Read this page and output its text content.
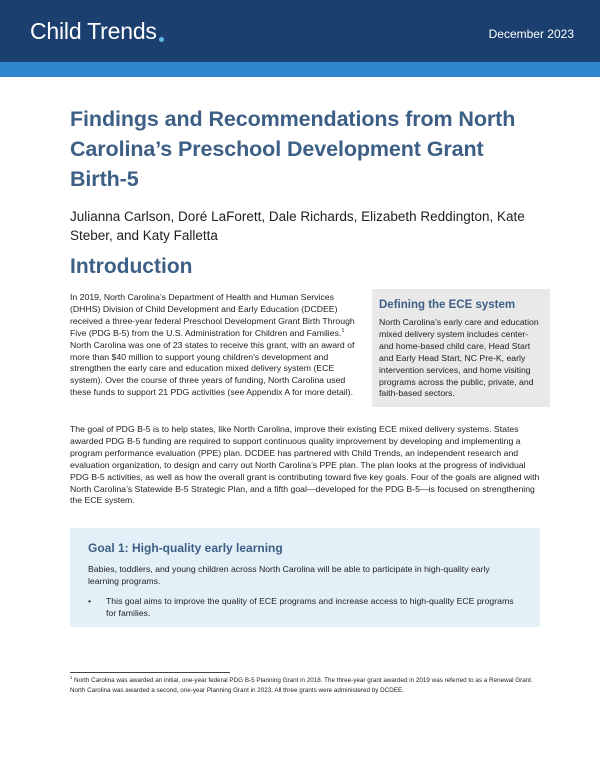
Child Trends	December 2023
Findings and Recommendations from North Carolina’s Preschool Development Grant Birth-5

Julianna Carlson, Doré LaForett, Dale Richards, Elizabeth Reddington, Kate Steber, and Katy Falletta

Introduction

In 2019, North Carolina’s Department of Health and Human Services (DHHS) Division of Child Development and Early Education (DCDEE) received a three-year federal Preschool Development Grant Birth Through Five (PDG B-5) from the U.S. Administration for Children and Families.$^1$ North Carolina was one of 23 states to receive this grant, with an award of more than $40 million to support young children’s development and strengthen the early care and education mixed delivery system (ECE system). Over the course of three years of funding, North Carolina used these funds to support 21 PDG activities (see Appendix A for more detail).

Defining the ECE system

North Carolina’s early care and education mixed delivery system includes center- and home-based child care, Head Start and Early Head Start, NC Pre-K, early intervention services, and home visiting programs across the public, private, and faith-based sectors.

The goal of PDG B-5 is to help states, like North Carolina, improve their existing ECE mixed delivery systems. States awarded PDG B-5 funding are required to support continuous quality improvement by developing and implementing a program performance evaluation (PPE) plan. DCDEE has partnered with Child Trends, an independent research and evaluation organization, to design and carry out North Carolina’s PPE plan. The plan looks at the progress of individual PDG B-5 activities, as well as how the overall grant is contributing toward five key goals. Four of the goals are aligned with North Carolina’s Statewide B-5 Strategic Plan, and a fifth goal—developed for the PDG B-5—is focused on strengthening the ECE system.

Goal 1: High-quality early learning

Babies, toddlers, and young children across North Carolina will be able to participate in high-quality early learning programs.

•	This goal aims to improve the quality of ECE programs and increase access to high-quality ECE programs for families.

$^1$ North Carolina was awarded an initial, one-year federal PDG B-5 Planning Grant in 2018. The three-year grant awarded in 2019 was referred to as a Renewal Grant. North Carolina was awarded a second, one-year Planning Grant in 2023. All three grants were administered by DCDEE.
